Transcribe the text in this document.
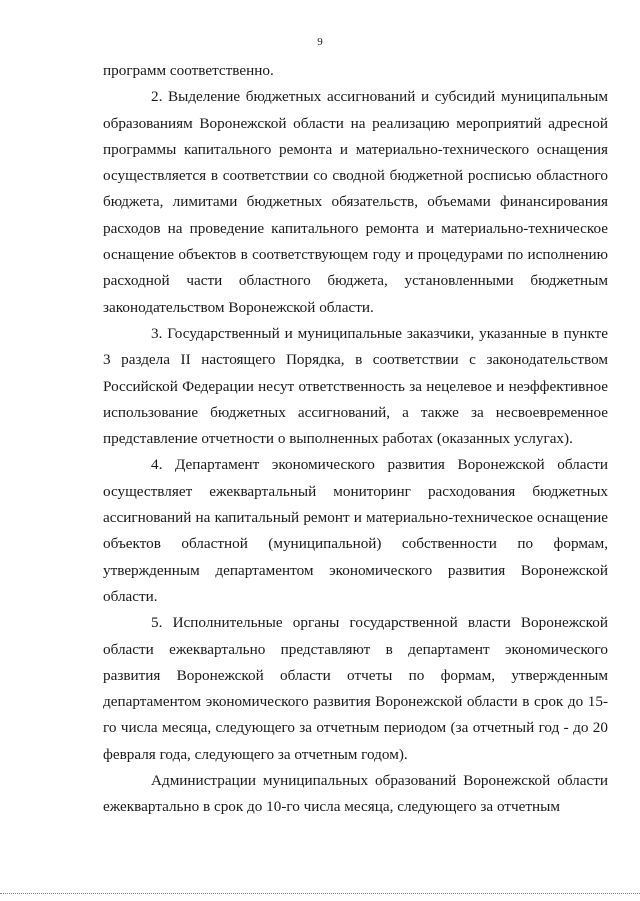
9

программ соответственно.

2. Выделение бюджетных ассигнований и субсидий муниципальным образованиям Воронежской области на реализацию мероприятий адресной программы капитального ремонта и материально-технического оснащения осуществляется в соответствии со сводной бюджетной росписью областного бюджета, лимитами бюджетных обязательств, объемами финансирования расходов на проведение капитального ремонта и материально-техническое оснащение объектов в соответствующем году и процедурами по исполнению расходной части областного бюджета, установленными бюджетным законодательством Воронежской области.

3. Государственный и муниципальные заказчики, указанные в пункте 3 раздела II настоящего Порядка, в соответствии с законодательством Российской Федерации несут ответственность за нецелевое и неэффективное использование бюджетных ассигнований, а также за несвоевременное представление отчетности о выполненных работах (оказанных услугах).

4. Департамент экономического развития Воронежской области осуществляет ежеквартальный мониторинг расходования бюджетных ассигнований на капитальный ремонт и материально-техническое оснащение объектов областной (муниципальной) собственности по формам, утвержденным департаментом экономического развития Воронежской области.

5. Исполнительные органы государственной власти Воронежской области ежеквартально представляют в департамент экономического развития Воронежской области отчеты по формам, утвержденным департаментом экономического развития Воронежской области в срок до 15-го числа месяца, следующего за отчетным периодом (за отчетный год - до 20 февраля года, следующего за отчетным годом).

Администрации муниципальных образований Воронежской области ежеквартально в срок до 10-го числа месяца, следующего за отчетным
